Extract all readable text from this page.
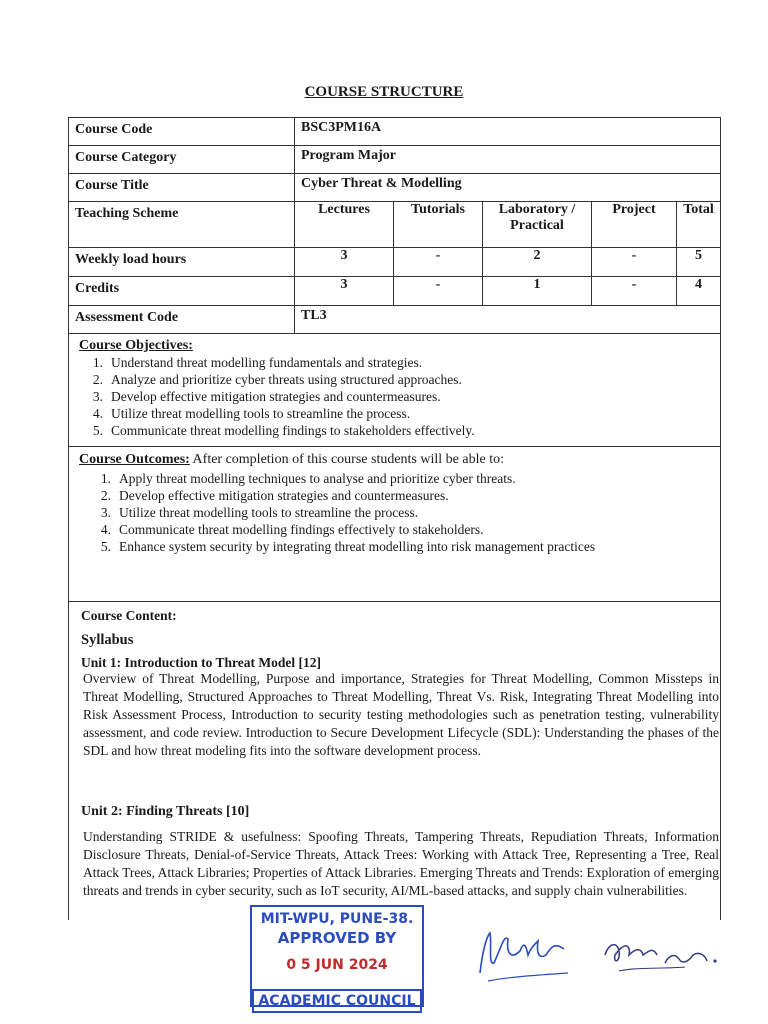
COURSE STRUCTURE
Course Code	BSC3PM16A				
Course Category	Program Major				
Course Title	Cyber Threat & Modelling				
Teaching Scheme	Lectures	Tutorials	Laboratory / Practical	Project	Total
Weekly load hours	3	-	2	-	5
Credits	3	-	1	-	4
Assessment Code	TL3				
Course Objectives:
1. Understand threat modelling fundamentals and strategies.
2. Analyze and prioritize cyber threats using structured approaches.
3. Develop effective mitigation strategies and countermeasures.
4. Utilize threat modelling tools to streamline the process.
5. Communicate threat modelling findings to stakeholders effectively.
Course Outcomes: After completion of this course students will be able to:
1. Apply threat modelling techniques to analyse and prioritize cyber threats.
2. Develop effective mitigation strategies and countermeasures.
3. Utilize threat modelling tools to streamline the process.
4. Communicate threat modelling findings effectively to stakeholders.
5. Enhance system security by integrating threat modelling into risk management practices
Course Content:
Syllabus
Unit 1: Introduction to Threat Model [12]
Overview of Threat Modelling, Purpose and importance, Strategies for Threat Modelling, Common Missteps in Threat Modelling, Structured Approaches to Threat Modelling, Threat Vs. Risk, Integrating Threat Modelling into Risk Assessment Process, Introduction to security testing methodologies such as penetration testing, vulnerability assessment, and code review. Introduction to Secure Development Lifecycle (SDL): Understanding the phases of the SDL and how threat modeling fits into the software development process.
Unit 2: Finding Threats [10]
Understanding STRIDE & usefulness: Spoofing Threats, Tampering Threats, Repudiation Threats, Information Disclosure Threats, Denial-of-Service Threats, Attack Trees: Working with Attack Tree, Representing a Tree, Real Attack Trees, Attack Libraries; Properties of Attack Libraries. Emerging Threats and Trends: Exploration of emerging threats and trends in cyber security, such as IoT security, AI/ML-based attacks, and supply chain vulnerabilities.
MIT-WPU, PUNE-38.
APPROVED BY
0 5 JUN 2024
ACADEMIC COUNCIL
